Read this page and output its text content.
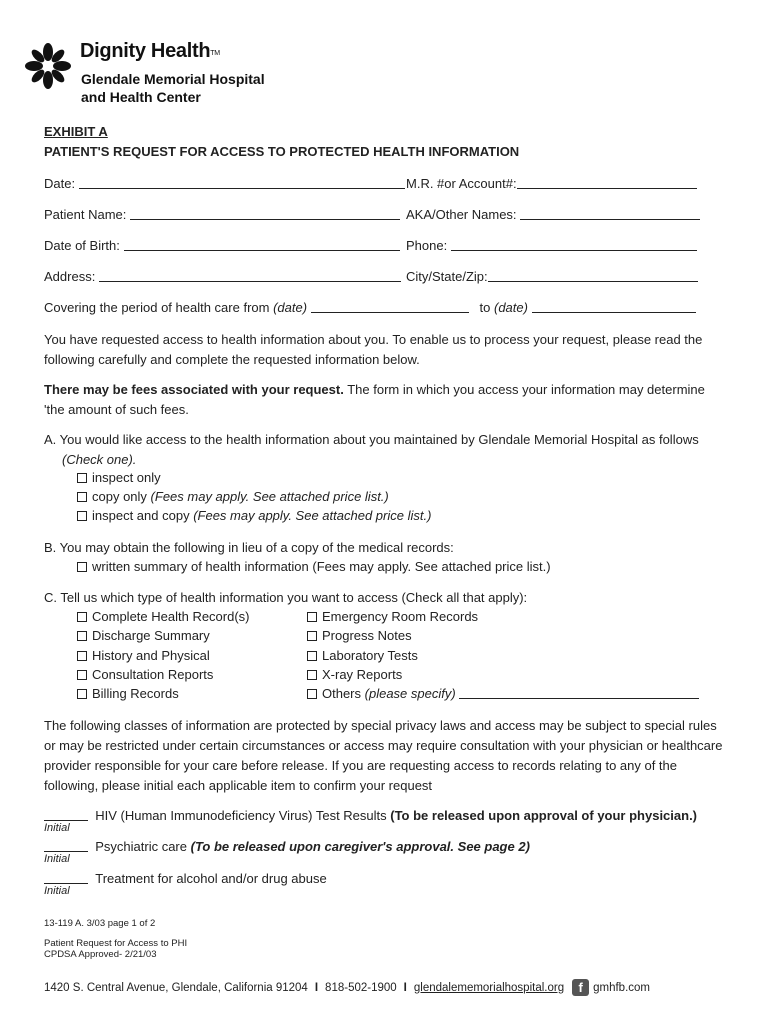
Dignity Health™
Glendale Memorial Hospital
and Health Center
EXHIBIT A
PATIENT'S REQUEST FOR ACCESS TO PROTECTED HEALTH INFORMATION
Date:	M.R. #or Account#:
Patient Name:	AKA/Other Names:
Date of Birth:	Phone:
Address:	City/State/Zip:
Covering the period of health care from (date)	to (date)
You have requested access to health information about you. To enable us to process your request, please read the following carefully and complete the requested information below.
There may be fees associated with your request. The form in which you access your information may determine 'the amount of such fees.
A. You would like access to the health information about you maintained by Glendale Memorial Hospital as follows
(Check one).
inspect only
copy only (Fees may apply. See attached price list.)
inspect and copy (Fees may apply. See attached price list.)
B. You may obtain the following in lieu of a copy of the medical records:
written summary of health information (Fees may apply. See attached price list.)
C. Tell us which type of health information you want to access (Check all that apply):
Complete Health Record(s)
Discharge Summary
History and Physical
Consultation Reports
Billing Records
Emergency Room Records
Progress Notes
Laboratory Tests
X-ray Reports
Others (please specify)
The following classes of information are protected by special privacy laws and access may be subject to special rules or may be restricted under certain circumstances or access may require consultation with your physician or healthcare provider responsible for your care before release. If you are requesting access to records relating to any of the following, please initial each applicable item to confirm your request
HIV (Human Immunodeficiency Virus) Test Results (To be released upon approval of your physician.)
Initial
Psychiatric care (To be released upon caregiver's approval. See page 2)
Initial
Treatment for alcohol and/or drug abuse
Initial
13-119 A. 3/03 page 1 of 2
Patient Request for Access to PHI
CPDSA Approved- 2/21/03
1420 S. Central Avenue, Glendale, California 91204 I 818-502-1900 I glendalememorialhospital.org	f gmhfb.com
